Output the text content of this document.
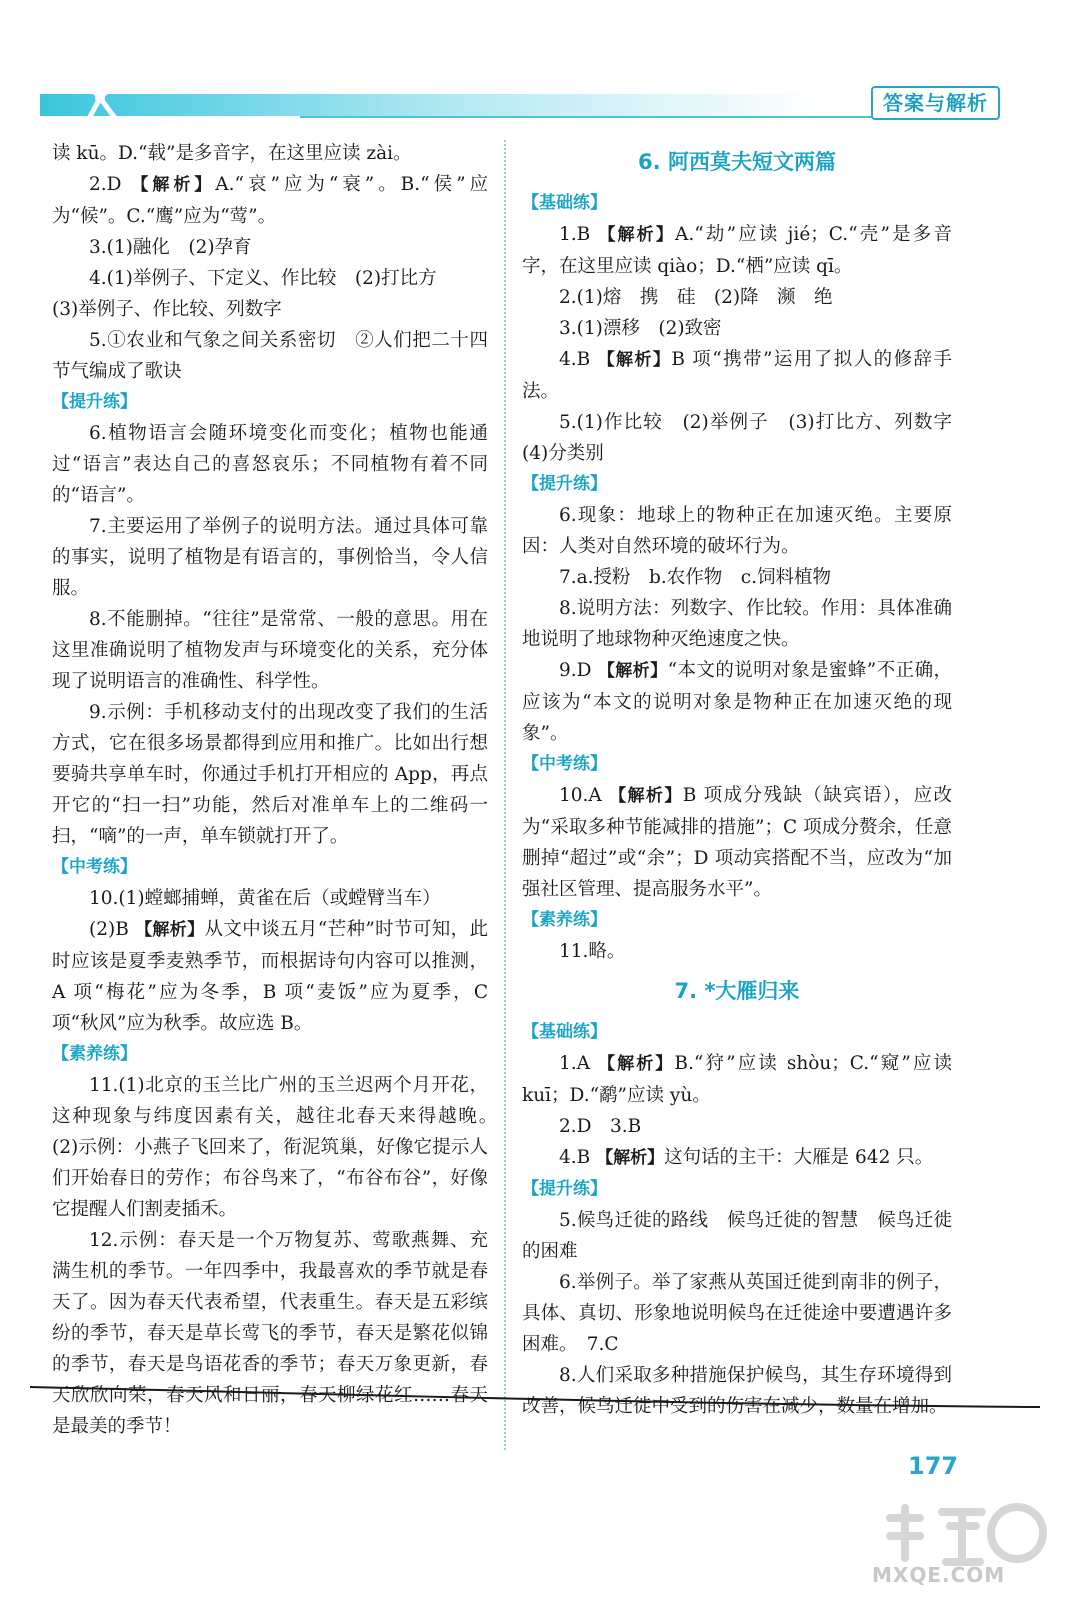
答案与解析

读 kū。D.“载”是多音字，在这里应读 zài。

2.D 【解析】A.“哀”应为“衰”。B.“侯”应为“候”。C.“鹰”应为“莺”。

3.(1)融化　(2)孕育

4.(1)举例子、下定义、作比较　(2)打比方

(3)举例子、作比较、列数字

5.①农业和气象之间关系密切　②人们把二十四节气编成了歌诀

【提升练】

6.植物语言会随环境变化而变化；植物也能通过“语言”表达自己的喜怒哀乐；不同植物有着不同的“语言”。

7.主要运用了举例子的说明方法。通过具体可靠的事实，说明了植物是有语言的，事例恰当，令人信服。

8.不能删掉。“往往”是常常、一般的意思。用在这里准确说明了植物发声与环境变化的关系，充分体现了说明语言的准确性、科学性。

9.示例：手机移动支付的出现改变了我们的生活方式，它在很多场景都得到应用和推广。比如出行想要骑共享单车时，你通过手机打开相应的 App，再点开它的“扫一扫”功能，然后对准单车上的二维码一扫，“嘀”的一声，单车锁就打开了。

【中考练】

10.(1)螳螂捕蝉，黄雀在后（或螳臂当车）

(2)B 【解析】从文中谈五月“芒种”时节可知，此时应该是夏季麦熟季节，而根据诗句内容可以推测，A 项“梅花”应为冬季，B 项“麦饭”应为夏季，C 项“秋风”应为秋季。故应选 B。

【素养练】

11.(1)北京的玉兰比广州的玉兰迟两个月开花，这种现象与纬度因素有关，越往北春天来得越晚。　(2)示例：小燕子飞回来了，衔泥筑巢，好像它提示人们开始春日的劳作；布谷鸟来了，“布谷布谷”，好像它提醒人们割麦插禾。

12.示例：春天是一个万物复苏、莺歌燕舞、充满生机的季节。一年四季中，我最喜欢的季节就是春天了。因为春天代表希望，代表重生。春天是五彩缤纷的季节，春天是草长莺飞的季节，春天是繁花似锦的季节，春天是鸟语花香的季节；春天万象更新，春天欣欣向荣，春天风和日丽，春天柳绿花红……春天是最美的季节！

6. 阿西莫夫短文两篇
【基础练】

1.B 【解析】A.“劫”应读 jié；C.“壳”是多音字，在这里应读 qiào；D.“栖”应读 qī。

2.(1)熔　携　硅　(2)降　濒　绝

3.(1)漂移　(2)致密

4.B 【解析】B 项“携带”运用了拟人的修辞手法。

5.(1)作比较　(2)举例子　(3)打比方、列数字　(4)分类别

【提升练】

6.现象：地球上的物种正在加速灭绝。主要原因：人类对自然环境的破坏行为。

7.a.授粉　b.农作物　c.饲料植物

8.说明方法：列数字、作比较。作用：具体准确地说明了地球物种灭绝速度之快。

9.D 【解析】“本文的说明对象是蜜蜂”不正确，应该为“本文的说明对象是物种正在加速灭绝的现象”。

【中考练】

10.A 【解析】B 项成分残缺（缺宾语），应改为“采取多种节能减排的措施”；C 项成分赘余，任意删掉“超过”或“余”；D 项动宾搭配不当，应改为“加强社区管理、提高服务水平”。

【素养练】

11.略。

7. *大雁归来
【基础练】

1.A 【解析】B.“狩”应读 shòu；C.“窥”应读 kuī；D.“鹬”应读 yù。

2.D　3.B

4.B 【解析】这句话的主干：大雁是 642 只。

【提升练】

5.候鸟迁徙的路线　候鸟迁徙的智慧　候鸟迁徙的困难

6.举例子。举了家燕从英国迁徙到南非的例子，具体、真切、形象地说明候鸟在迁徙途中要遭遇许多困难。　7.C

8.人们采取多种措施保护候鸟，其生存环境得到改善，候鸟迁徙中受到的伤害在减少，数量在增加。

177
MXQE.COM
